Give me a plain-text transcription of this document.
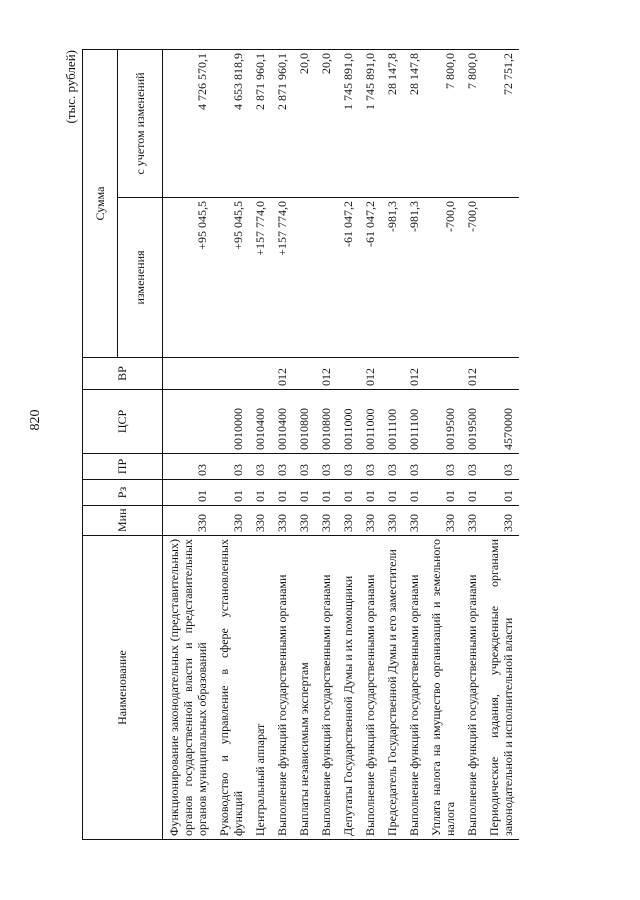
820
(тыс. рублей)
Наименование	Мин	Рз	ПР	ЦСР	ВР	Сумма	
						изменения	с учетом изменений
Функционирование законодательных (представительных) органов государственной власти и представительных органов муниципальных образований	330	01	03			+95 045,5	4 726 570,1
Руководство и управление в сфере установленных функций	330	01	03	0010000		+95 045,5	4 653 818,9
Центральный аппарат	330	01	03	0010400		+157 774,0	2 871 960,1
Выполнение функций государственными органами	330	01	03	0010400	012	+157 774,0	2 871 960,1
Выплаты независимым экспертам	330	01	03	0010800			20,0
Выполнение функций государственными органами	330	01	03	0010800	012		20,0
Депутаты Государственной Думы и их помощники	330	01	03	0011000		-61 047,2	1 745 891,0
Выполнение функций государственными органами	330	01	03	0011000	012	-61 047,2	1 745 891,0
Председатель Государственной Думы и его заместители	330	01	03	0011100		-981,3	28 147,8
Выполнение функций государственными органами	330	01	03	0011100	012	-981,3	28 147,8
Уплата налога на имущество организаций и земельного налога	330	01	03	0019500		-700,0	7 800,0
Выполнение функций государственными органами	330	01	03	0019500	012	-700,0	7 800,0
Периодические издания, учрежденные органами законодательной и исполнительной власти	330	01	03	4570000			72 751,2
